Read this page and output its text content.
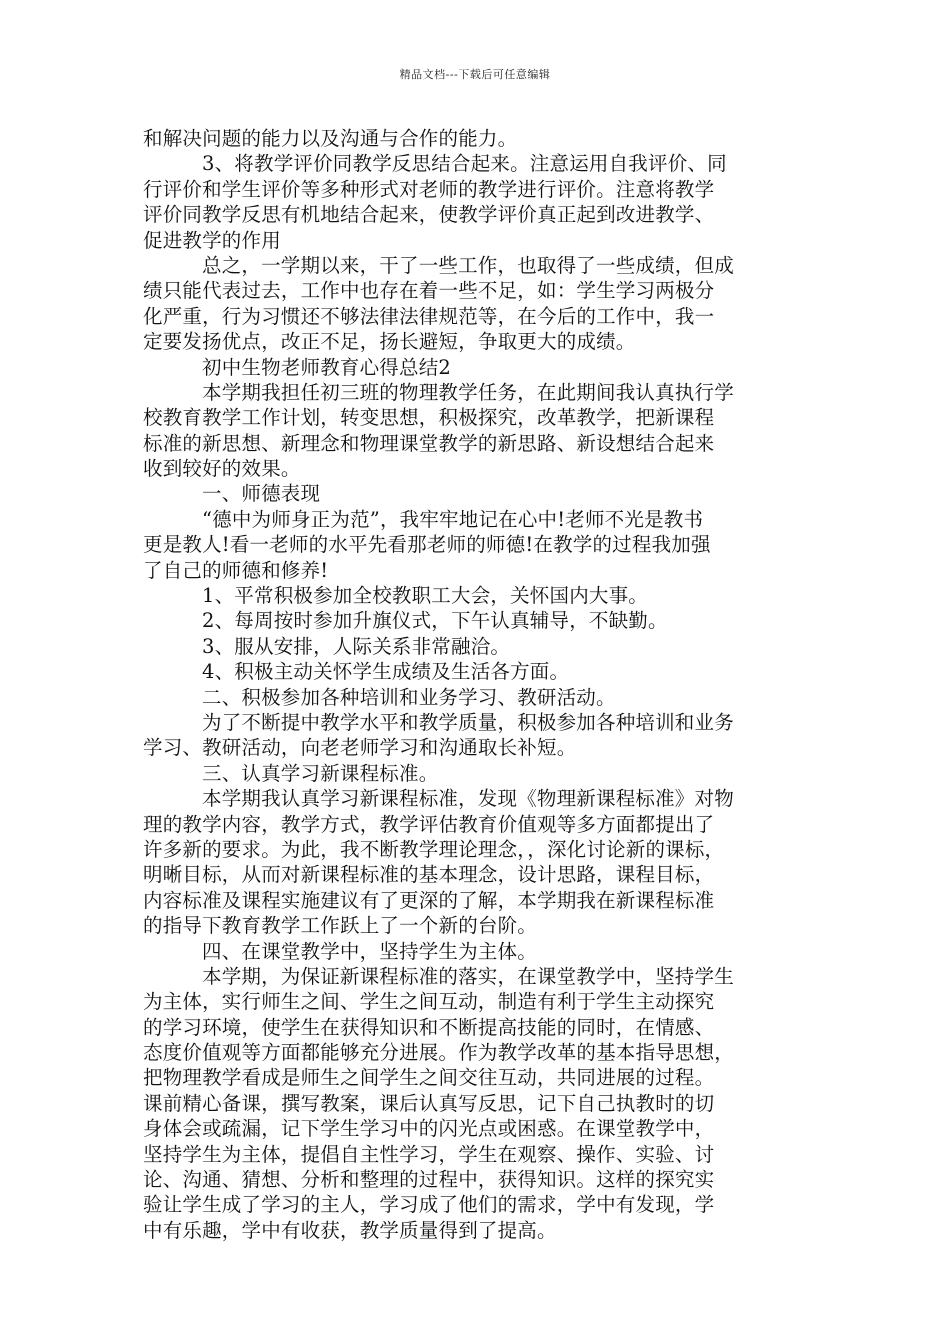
精品文档---下载后可任意编辑
和解决问题的能力以及沟通与合作的能力。
3、将教学评价同教学反思结合起来。注意运用自我评价、同
行评价和学生评价等多种形式对老师的教学进行评价。注意将教学
评价同教学反思有机地结合起来，使教学评价真正起到改进教学、
促进教学的作用
总之，一学期以来，干了一些工作，也取得了一些成绩，但成
绩只能代表过去，工作中也存在着一些不足，如：学生学习两极分
化严重，行为习惯还不够法律法律规范等，在今后的工作中，我一
定要发扬优点，改正不足，扬长避短，争取更大的成绩。
初中生物老师教育心得总结2
本学期我担任初三班的物理教学任务，在此期间我认真执行学
校教育教学工作计划，转变思想，积极探究，改革教学，把新课程
标准的新思想、新理念和物理课堂教学的新思路、新设想结合起来
收到较好的效果。
一、师德表现
“德中为师身正为范”，我牢牢地记在心中!老师不光是教书
更是教人!看一老师的水平先看那老师的师德!在教学的过程我加强
了自己的师德和修养!
1、平常积极参加全校教职工大会，关怀国内大事。
2、每周按时参加升旗仪式，下午认真辅导，不缺勤。
3、服从安排，人际关系非常融洽。
4、积极主动关怀学生成绩及生活各方面。
二、积极参加各种培训和业务学习、教研活动。
为了不断提中教学水平和教学质量，积极参加各种培训和业务
学习、教研活动，向老老师学习和沟通取长补短。
三、认真学习新课程标准。
本学期我认真学习新课程标准，发现《物理新课程标准》对物
理的教学内容，教学方式，教学评估教育价值观等多方面都提出了
许多新的要求。为此，我不断教学理论理念，，深化讨论新的课标，
明晰目标，从而对新课程标准的基本理念，设计思路，课程目标，
内容标准及课程实施建议有了更深的了解，本学期我在新课程标准
的指导下教育教学工作跃上了一个新的台阶。
四、在课堂教学中，坚持学生为主体。
本学期，为保证新课程标准的落实，在课堂教学中，坚持学生
为主体，实行师生之间、学生之间互动，制造有利于学生主动探究
的学习环境，使学生在获得知识和不断提高技能的同时，在情感、
态度价值观等方面都能够充分进展。作为教学改革的基本指导思想，
把物理教学看成是师生之间学生之间交往互动，共同进展的过程。
课前精心备课，撰写教案，课后认真写反思，记下自己执教时的切
身体会或疏漏，记下学生学习中的闪光点或困惑。在课堂教学中，
坚持学生为主体，提倡自主性学习，学生在观察、操作、实验、讨
论、沟通、猜想、分析和整理的过程中，获得知识。这样的探究实
验让学生成了学习的主人，学习成了他们的需求，学中有发现，学
中有乐趣，学中有收获，教学质量得到了提高。
